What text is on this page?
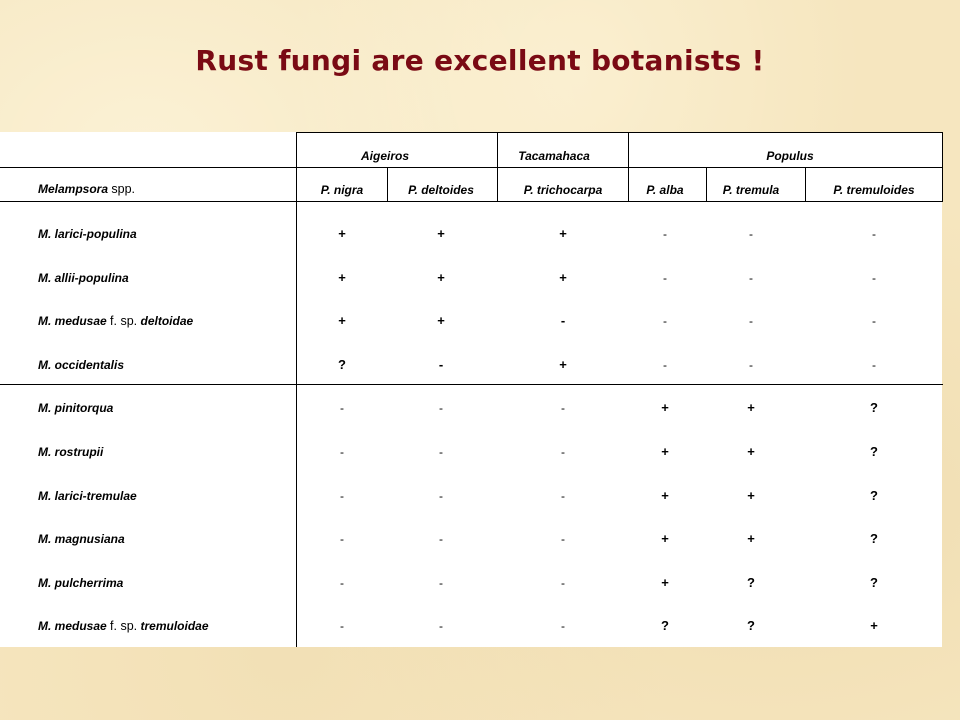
Rust fungi are excellent botanists !
Aigeiros	Tacamahaca	Populus
Melampsora spp.	P. nigra	P. deltoides	P. trichocarpa	P. alba	P. tremula	P. tremuloides
M. larici-populina	+	+	+	-	-	-
M. allii-populina	+	+	+	-	-	-
M. medusae f. sp. deltoidae	+	+	-	-	-	-
M. occidentalis	?	-	+	-	-	-
M. pinitorqua	-	-	-	+	+	?
M. rostrupii	-	-	-	+	+	?
M. larici-tremulae	-	-	-	+	+	?
M. magnusiana	-	-	-	+	+	?
M. pulcherrima	-	-	-	+	?	?
M. medusae f. sp. tremuloidae	-	-	-	?	?	+
